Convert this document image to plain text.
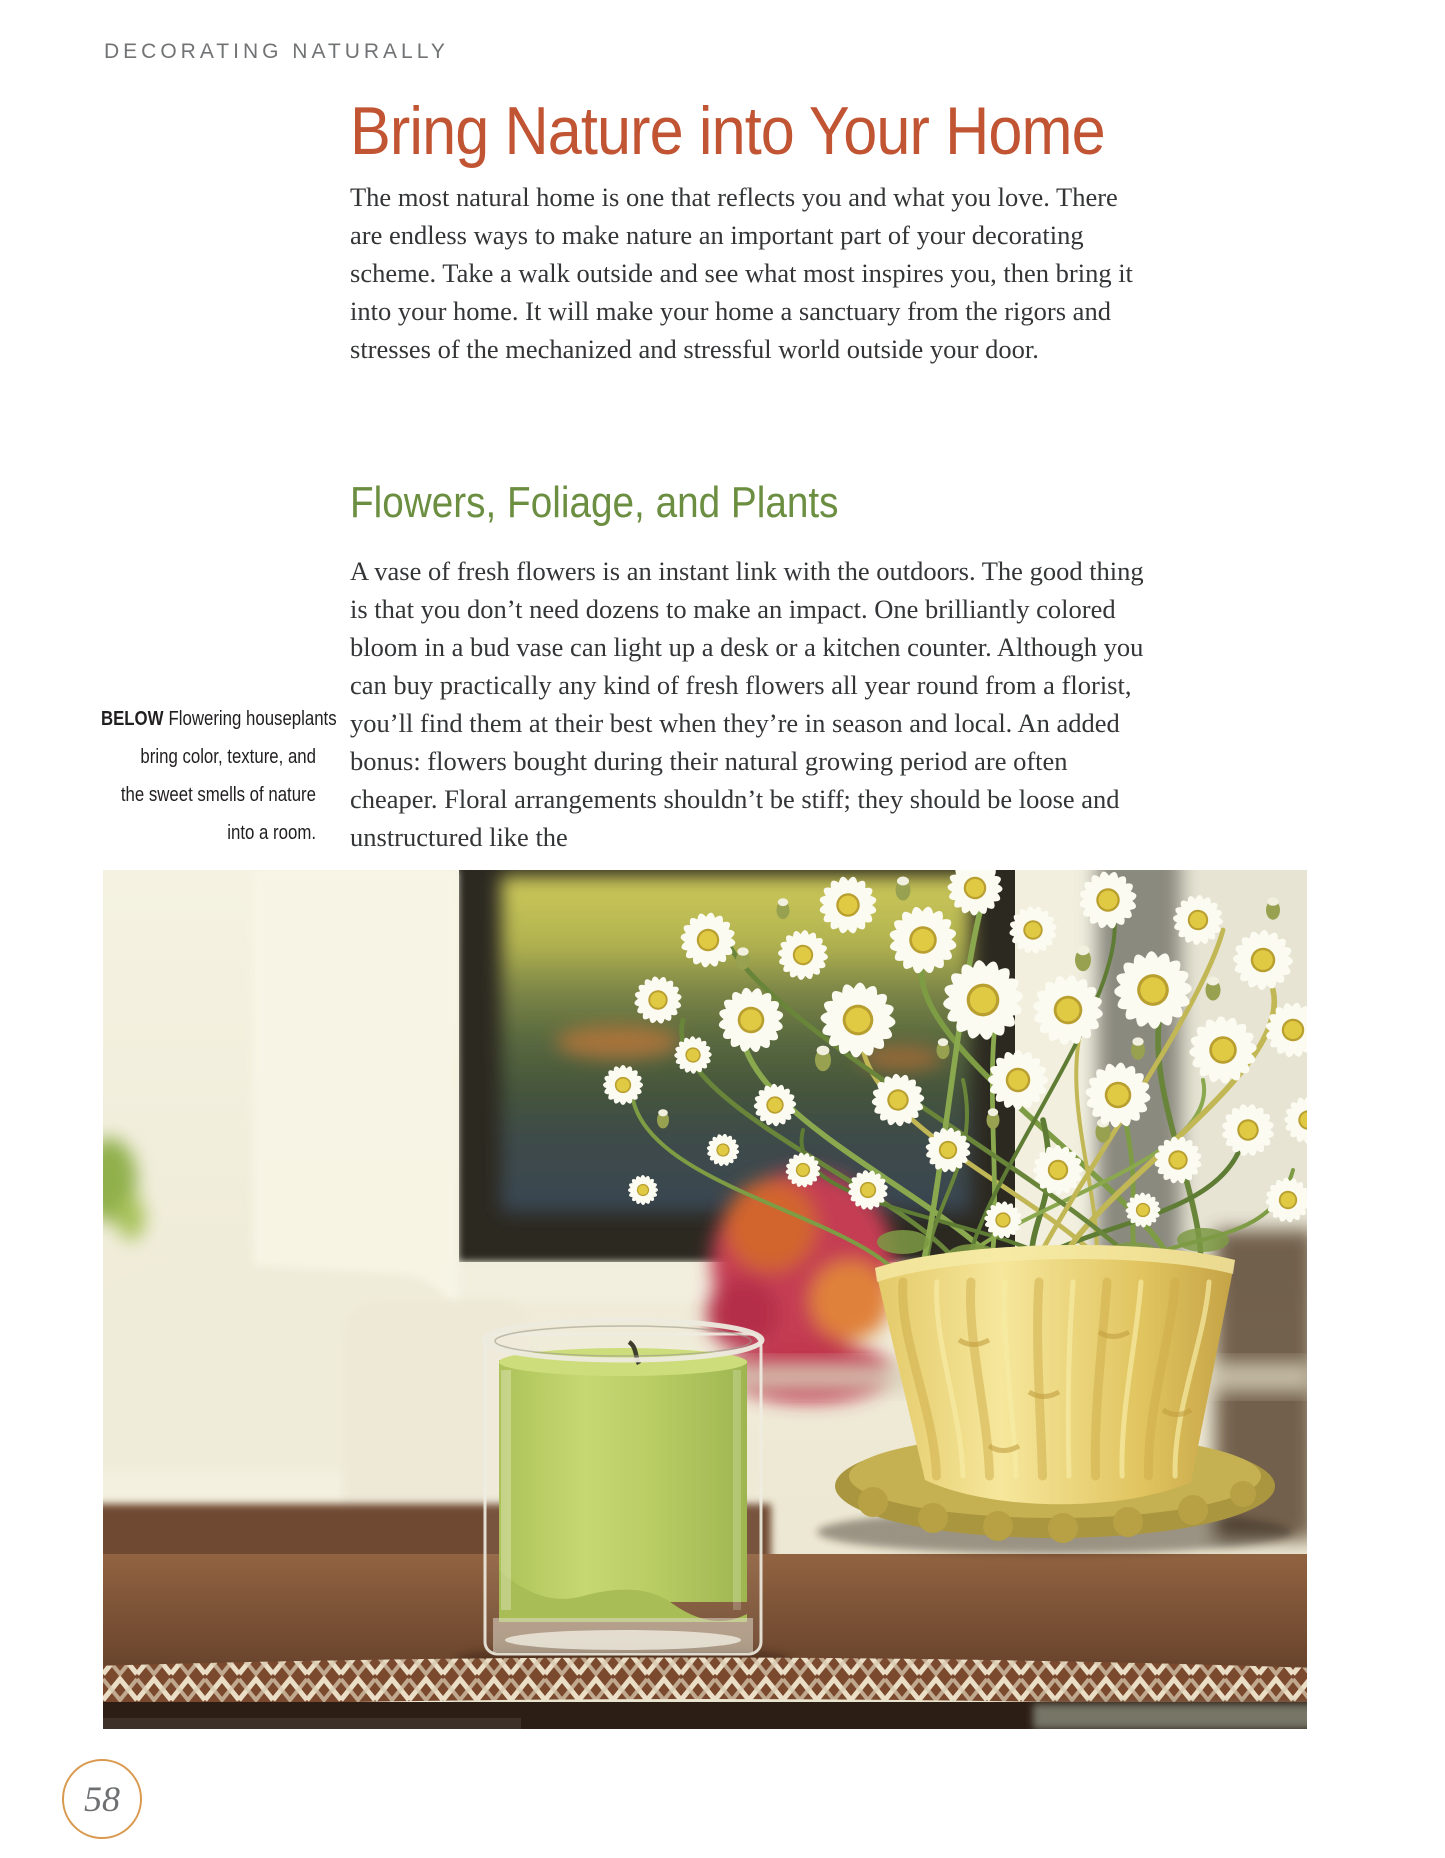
DECORATING NATURALLY
Bring Nature into Your Home

The most natural home is one that reflects you and what you love. There are endless ways to make nature an important part of your decorating scheme. Take a walk outside and see what most inspires you, then bring it into your home. It will make your home a sanctuary from the rigors and stresses of the mechanized and stressful world outside your door.

Flowers, Foliage, and Plants

A vase of fresh flowers is an instant link with the outdoors. The good thing is that you don’t need dozens to make an impact. One brilliantly colored bloom in a bud vase can light up a desk or a kitchen counter. Although you can buy practically any kind of fresh flowers all year round from a florist, you’ll find them at their best when they’re in season and local. An added bonus: flowers bought during their natural growing period are often cheaper. Floral arrangements shouldn’t be stiff; they should be loose and unstructured like the

BELOW Flowering houseplants
bring color, texture, and
the sweet smells of nature
into a room.
58
